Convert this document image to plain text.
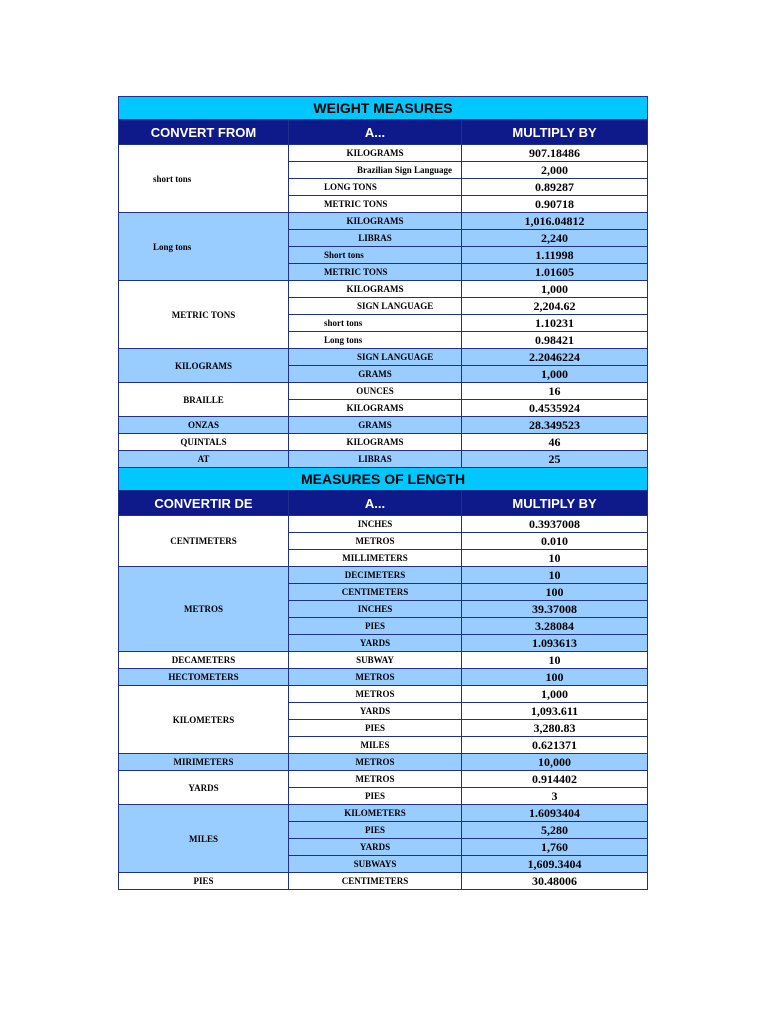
WEIGHT MEASURES		
CONVERT FROM	A...	MULTIPLY BY

short tons	KILOGRAMS	907.18486

	Brazilian Sign Language	2,000

	LONG TONS	0.89287

	METRIC TONS	0.90718

Long tons	KILOGRAMS	1,016.04812

	LIBRAS	2,240

	Short tons	1.11998

	METRIC TONS	1.01605
METRIC TONS	KILOGRAMS	1,000

	SIGN LANGUAGE	2,204.62

	short tons	1.10231

	Long tons	0.98421
KILOGRAMS	SIGN LANGUAGE	2.2046224

	GRAMS	1,000
BRAILLE	OUNCES	16

	KILOGRAMS	0.4535924
ONZAS	GRAMS	28.349523
QUINTALS	KILOGRAMS	46
AT	LIBRAS	25
MEASURES OF LENGTH		
CONVERTIR DE	A...	MULTIPLY BY
CENTIMETERS	INCHES	0.3937008

	METROS	0.010

	MILLIMETERS	10
METROS	DECIMETERS	10

	CENTIMETERS	100

	INCHES	39.37008

	PIES	3.28084

	YARDS	1.093613
DECAMETERS	SUBWAY	10
HECTOMETERS	METROS	100
KILOMETERS	METROS	1,000

	YARDS	1,093.611

	PIES	3,280.83

	MILES	0.621371
MIRIMETERS	METROS	10,000
YARDS	METROS	0.914402

	PIES	3
MILES	KILOMETERS	1.6093404

	PIES	5,280

	YARDS	1,760

	SUBWAYS	1,609.3404
PIES	CENTIMETERS	30.48006
